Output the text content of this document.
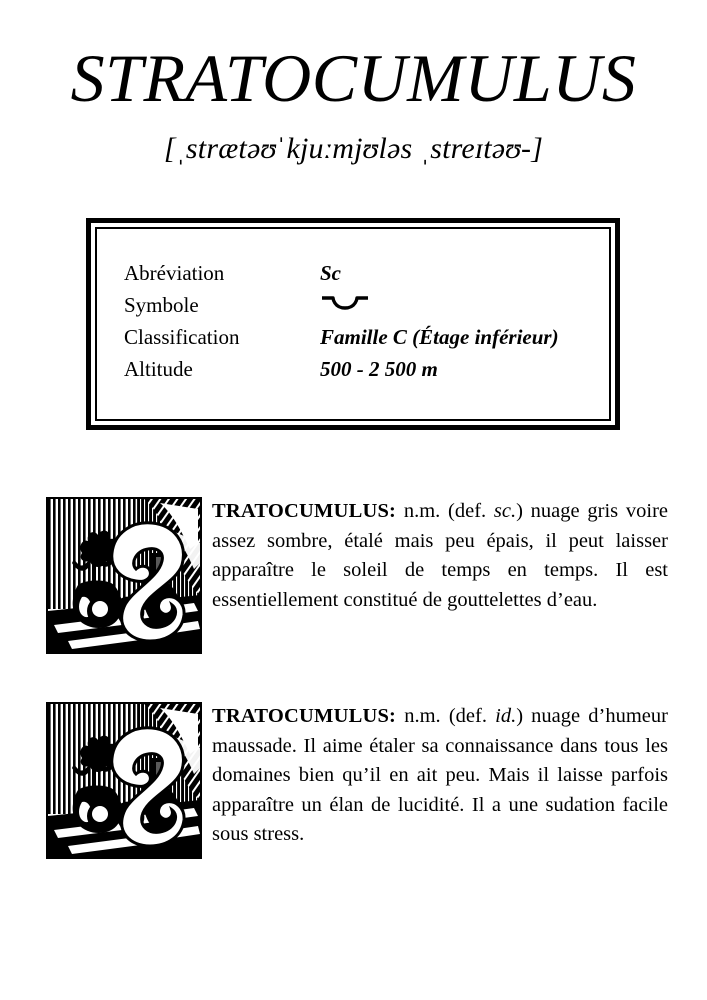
STRATOCUMULUS
[ˌstrætəʊˈkjuːmjʊləs ˌstreɪtəʊ-]
Abréviation	Sc
Symbole	
Classification	Famille C (Étage inférieur)
Altitude	500 - 2 500 m
TRATOCUMULUS: n.m. (def. sc.) nuage gris voire assez sombre, étalé mais peu épais, il peut laisser apparaître le soleil de temps en temps. Il est essentiellement constitué de gouttelettes d’eau.
TRATOCUMULUS: n.m. (def. id.) nuage d’humeur maussade. Il aime étaler sa connaissance dans tous les domaines bien qu’il en ait peu. Mais il laisse parfois apparaître un élan de lucidité. Il a une sudation facile sous stress.
